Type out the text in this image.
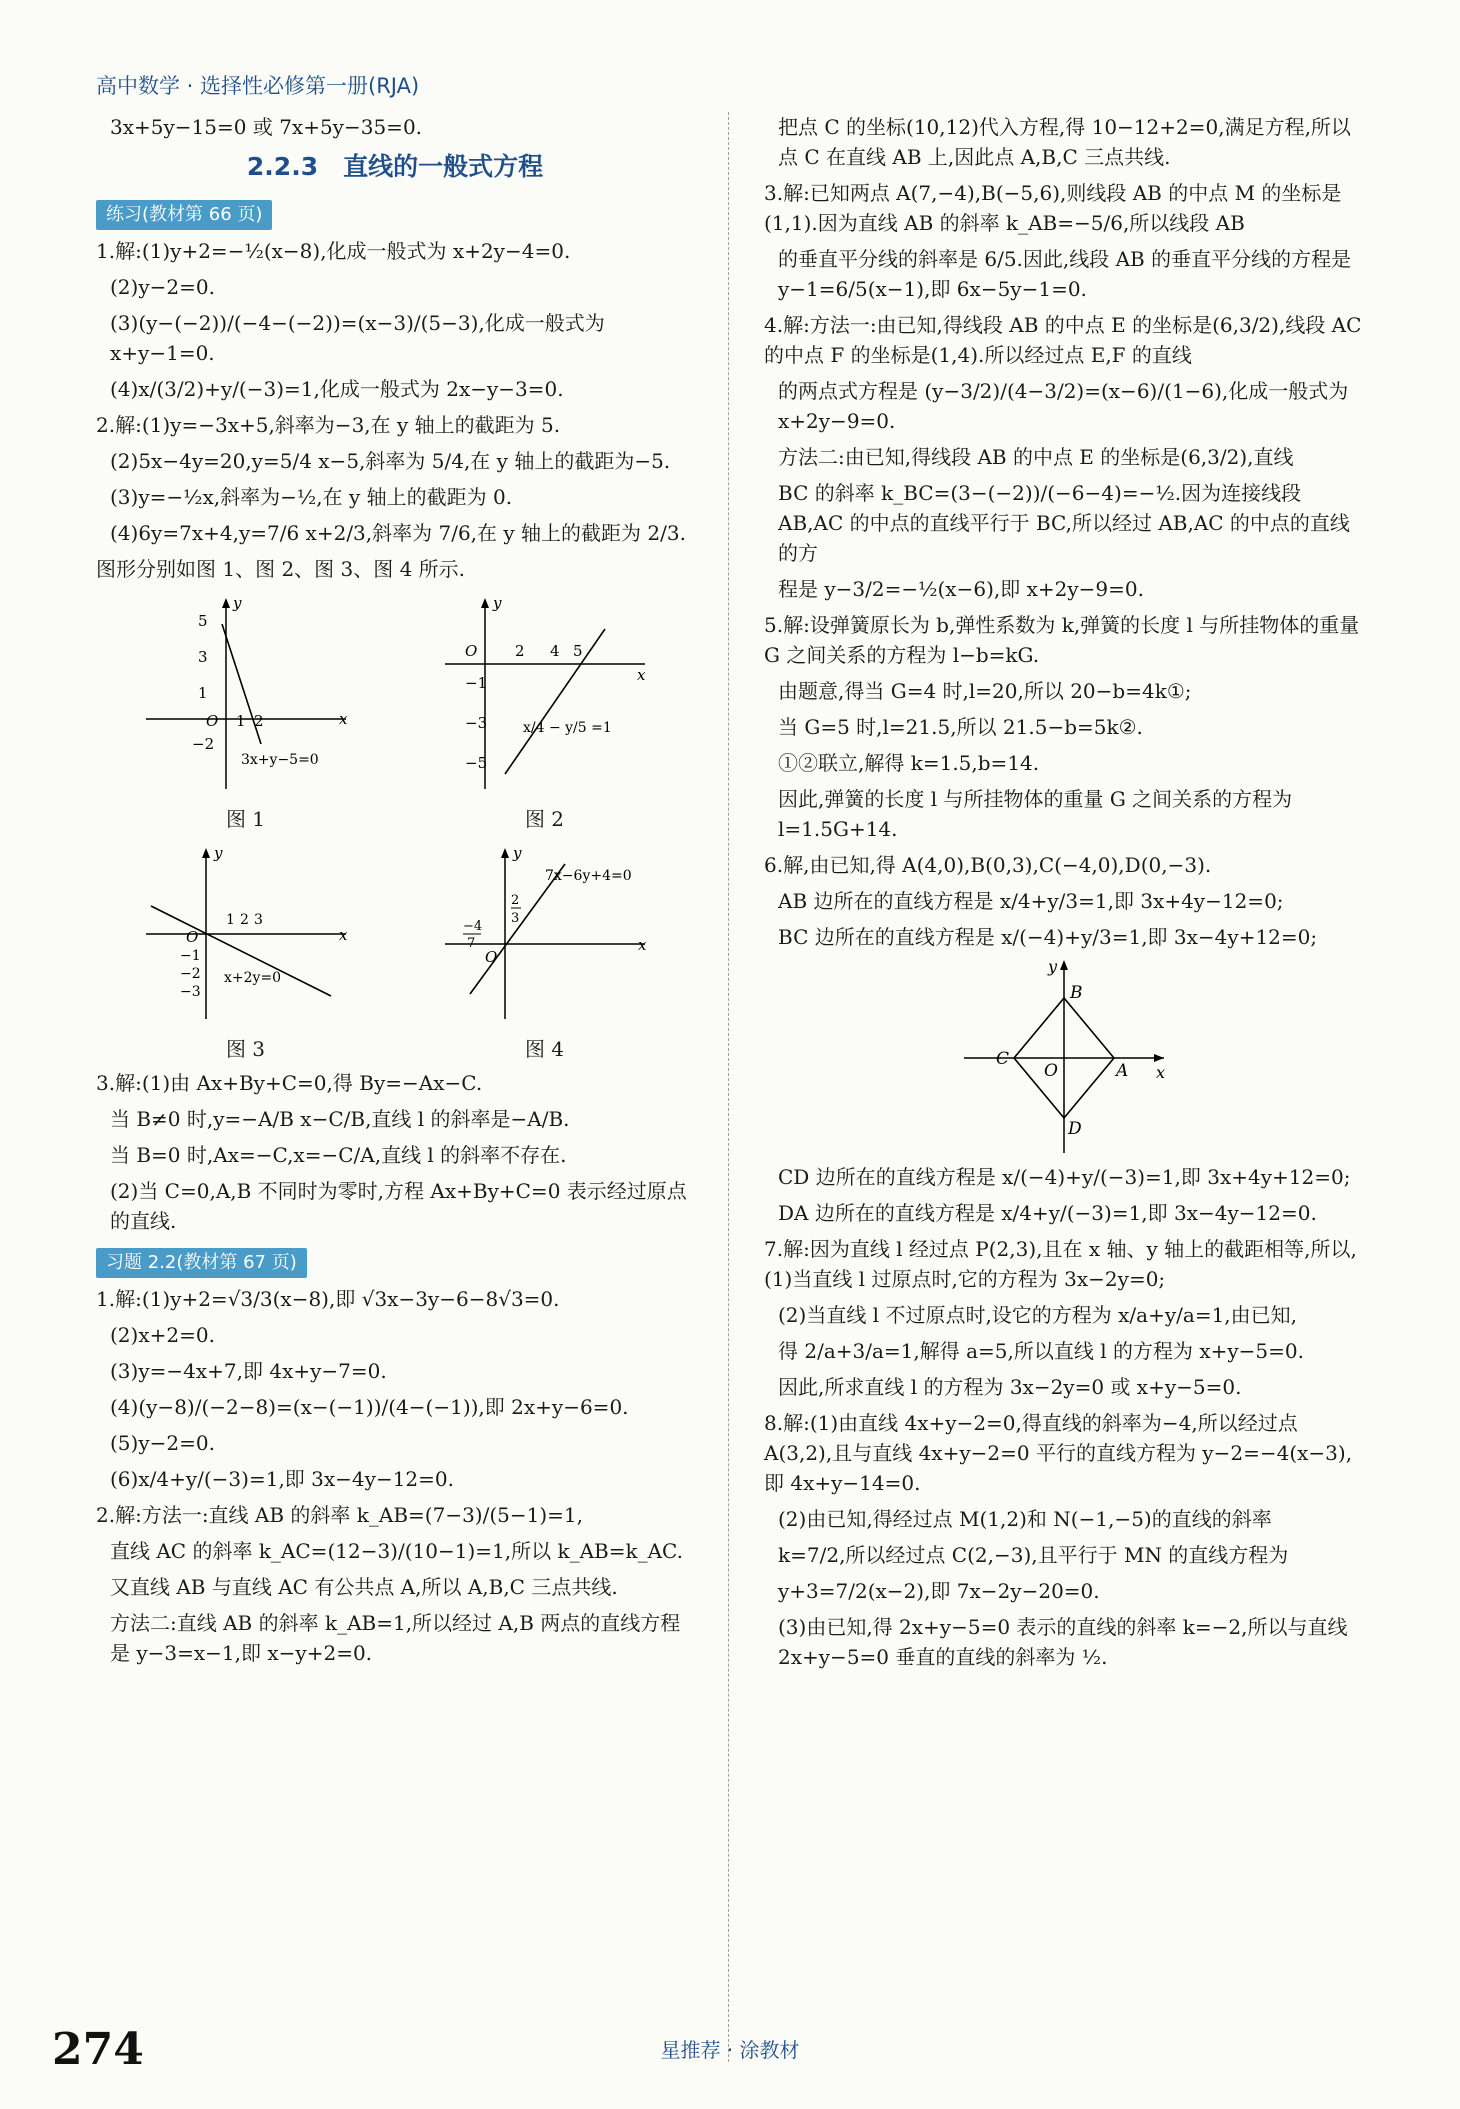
高中数学 · 选择性必修第一册(RJA)

3x+5y−15=0 或 7x+5y−35=0.

2.2.3　直线的一般式方程
练习(教材第 66 页)

1.解:(1)y+2=−½(x−8),化成一般式为 x+2y−4=0.

(2)y−2=0.

(3)(y−(−2))/(−4−(−2))=(x−3)/(5−3),化成一般式为 x+y−1=0.

(4)x/(3/2)+y/(−3)=1,化成一般式为 2x−y−3=0.

2.解:(1)y=−3x+5,斜率为−3,在 y 轴上的截距为 5.

(2)5x−4y=20,y=5/4 x−5,斜率为 5/4,在 y 轴上的截距为−5.

(3)y=−½x,斜率为−½,在 y 轴上的截距为 0.

(4)6y=7x+4,y=7/6 x+2/3,斜率为 7/6,在 y 轴上的截距为 2/3.

图形分别如图 1、图 2、图 3、图 4 所示.

5
3
1
O 1 2
−2
x
y
3x+y−5=0
图 1
O	2 4 5
−1
−3
−5
x
y
x/4 − y/5 =1
图 2
O
1 2 3
−1
−2
−3
x
y
x+2y=0
图 3
2
3
−4
7
O
x
y
7x−6y+4=0
图 4

3.解:(1)由 Ax+By+C=0,得 By=−Ax−C.

当 B≠0 时,y=−A/B x−C/B,直线 l 的斜率是−A/B.

当 B=0 时,Ax=−C,x=−C/A,直线 l 的斜率不存在.

(2)当 C=0,A,B 不同时为零时,方程 Ax+By+C=0 表示经过原点的直线.

习题 2.2(教材第 67 页)

1.解:(1)y+2=√3/3(x−8),即 √3x−3y−6−8√3=0.

(2)x+2=0.

(3)y=−4x+7,即 4x+y−7=0.

(4)(y−8)/(−2−8)=(x−(−1))/(4−(−1)),即 2x+y−6=0.

(5)y−2=0.

(6)x/4+y/(−3)=1,即 3x−4y−12=0.

2.解:方法一:直线 AB 的斜率 k_AB=(7−3)/(5−1)=1,

直线 AC 的斜率 k_AC=(12−3)/(10−1)=1,所以 k_AB=k_AC.

又直线 AB 与直线 AC 有公共点 A,所以 A,B,C 三点共线.

方法二:直线 AB 的斜率 k_AB=1,所以经过 A,B 两点的直线方程是 y−3=x−1,即 x−y+2=0.

把点 C 的坐标(10,12)代入方程,得 10−12+2=0,满足方程,所以点 C 在直线 AB 上,因此点 A,B,C 三点共线.

3.解:已知两点 A(7,−4),B(−5,6),则线段 AB 的中点 M 的坐标是(1,1).因为直线 AB 的斜率 k_AB=−5/6,所以线段 AB

的垂直平分线的斜率是 6/5.因此,线段 AB 的垂直平分线的方程是 y−1=6/5(x−1),即 6x−5y−1=0.

4.解:方法一:由已知,得线段 AB 的中点 E 的坐标是(6,3/2),线段 AC 的中点 F 的坐标是(1,4).所以经过点 E,F 的直线

的两点式方程是 (y−3/2)/(4−3/2)=(x−6)/(1−6),化成一般式为 x+2y−9=0.

方法二:由已知,得线段 AB 的中点 E 的坐标是(6,3/2),直线

BC 的斜率 k_BC=(3−(−2))/(−6−4)=−½.因为连接线段 AB,AC 的中点的直线平行于 BC,所以经过 AB,AC 的中点的直线的方

程是 y−3/2=−½(x−6),即 x+2y−9=0.

5.解:设弹簧原长为 b,弹性系数为 k,弹簧的长度 l 与所挂物体的重量 G 之间关系的方程为 l−b=kG.

由题意,得当 G=4 时,l=20,所以 20−b=4k①;

当 G=5 时,l=21.5,所以 21.5−b=5k②.

①②联立,解得 k=1.5,b=14.

因此,弹簧的长度 l 与所挂物体的重量 G 之间关系的方程为 l=1.5G+14.

6.解,由已知,得 A(4,0),B(0,3),C(−4,0),D(0,−3).

AB 边所在的直线方程是 x/4+y/3=1,即 3x+4y−12=0;

BC 边所在的直线方程是 x/(−4)+y/3=1,即 3x−4y+12=0;

B
C
O	A
D
x
y

CD 边所在的直线方程是 x/(−4)+y/(−3)=1,即 3x+4y+12=0;

DA 边所在的直线方程是 x/4+y/(−3)=1,即 3x−4y−12=0.

7.解:因为直线 l 经过点 P(2,3),且在 x 轴、y 轴上的截距相等,所以,(1)当直线 l 过原点时,它的方程为 3x−2y=0;

(2)当直线 l 不过原点时,设它的方程为 x/a+y/a=1,由已知,

得 2/a+3/a=1,解得 a=5,所以直线 l 的方程为 x+y−5=0.

因此,所求直线 l 的方程为 3x−2y=0 或 x+y−5=0.

8.解:(1)由直线 4x+y−2=0,得直线的斜率为−4,所以经过点 A(3,2),且与直线 4x+y−2=0 平行的直线方程为 y−2=−4(x−3),即 4x+y−14=0.

(2)由已知,得经过点 M(1,2)和 N(−1,−5)的直线的斜率

k=7/2,所以经过点 C(2,−3),且平行于 MN 的直线方程为

y+3=7/2(x−2),即 7x−2y−20=0.

(3)由已知,得 2x+y−5=0 表示的直线的斜率 k=−2,所以与直线 2x+y−5=0 垂直的直线的斜率为 ½.

274	星推荐 · 涂教材
